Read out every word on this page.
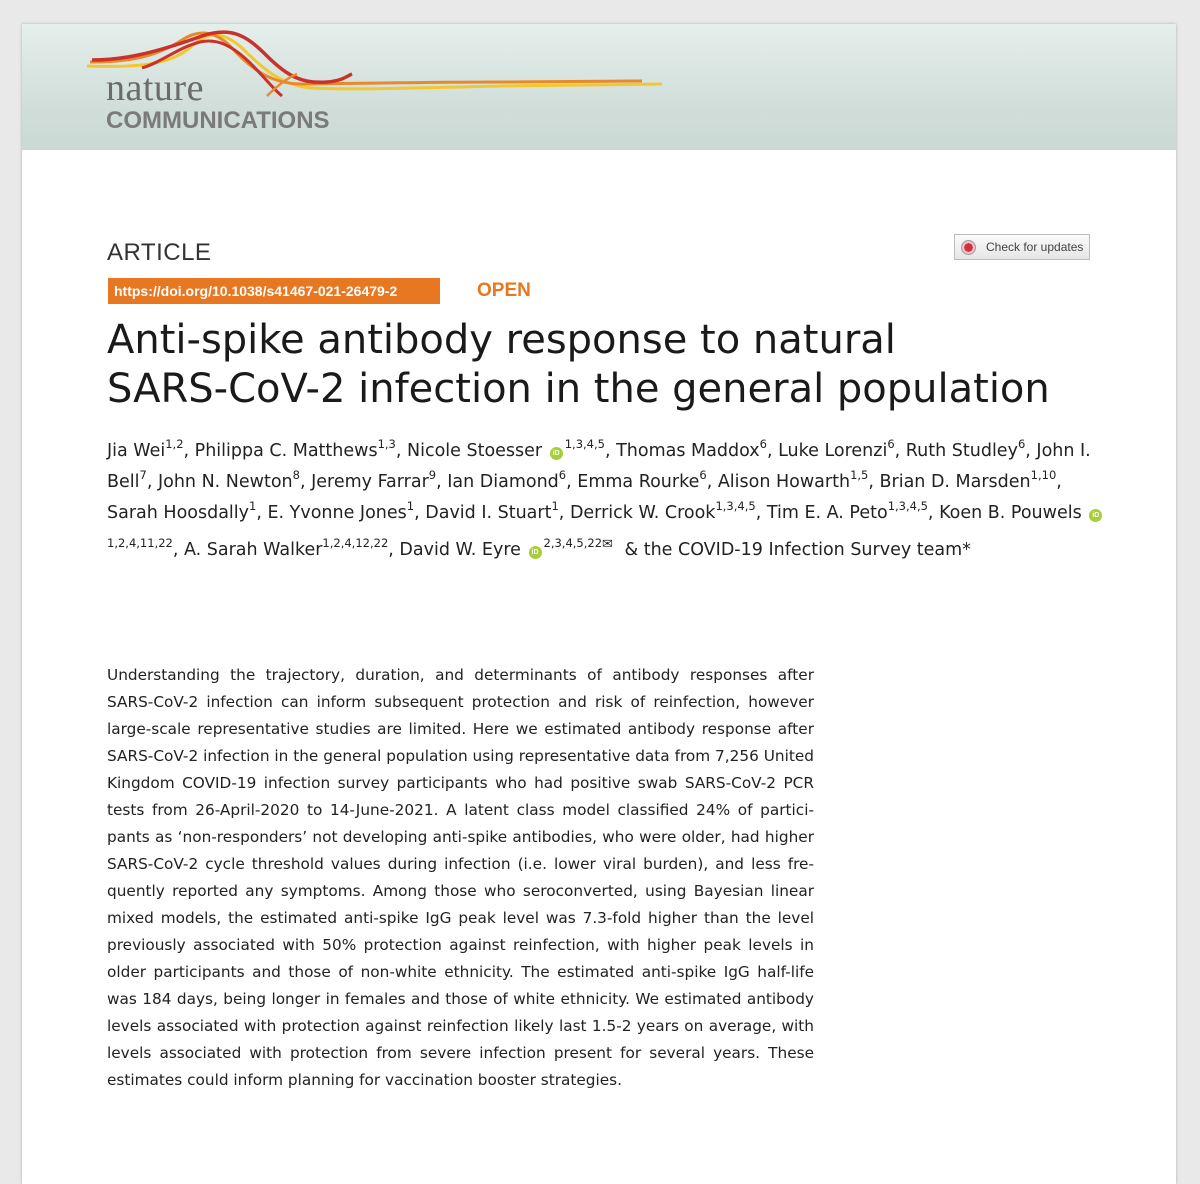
nature
COMMUNICATIONS
ARTICLE	Check for updates
https://doi.org/10.1038/s41467-021-26479-2	OPEN
Anti-spike antibody response to natural
SARS-CoV-2 infection in the general population
Jia Wei$^{1,2}$, Philippa C. Matthews$^{1,3}$, Nicole Stoesser iD$^{1,3,4,5}$, Thomas Maddox$^6$, Luke Lorenzi$^6$, Ruth Studley$^6$, John I. Bell$^7$, John N. Newton$^8$, Jeremy Farrar$^9$, Ian Diamond$^6$, Emma Rourke$^6$, Alison Howarth$^{1,5}$, Brian D. Marsden$^{1,10}$, Sarah Hoosdally$^1$, E. Yvonne Jones$^1$, David I. Stuart$^1$, Derrick W. Crook$^{1,3,4,5}$, Tim E. A. Peto$^{1,3,4,5}$, Koen B. Pouwels iD$^{1,2,4,11,22}$, A. Sarah Walker$^{1,2,4,12,22}$, David W. Eyre $iD^{2,3,4,5,22✉}$ & the COVID-19 Infection Survey team*

Understanding the trajectory, duration, and determinants of antibody responses after SARS-CoV-2 infection can inform subsequent protection and risk of reinfection, however large-scale representative studies are limited. Here we estimated antibody response after SARS-CoV-2 infection in the general population using representative data from 7,256 United Kingdom COVID-19 infection survey participants who had positive swab SARS-CoV-2 PCR tests from 26-April-2020 to 14-June-2021. A latent class model classified 24% of participants as ‘non-responders’ not developing anti-spike antibodies, who were older, had higher SARS-CoV-2 cycle threshold values during infection (i.e. lower viral burden), and less frequently reported any symptoms. Among those who seroconverted, using Bayesian linear mixed models, the estimated anti-spike IgG peak level was 7.3-fold higher than the level previously associated with 50% protection against reinfection, with higher peak levels in older participants and those of non-white ethnicity. The estimated anti-spike IgG half-life was 184 days, being longer in females and those of white ethnicity. We estimated antibody levels associated with protection against reinfection likely last 1.5-2 years on average, with levels associated with protection from severe infection present for several years. These estimates could inform planning for vaccination booster strategies.
